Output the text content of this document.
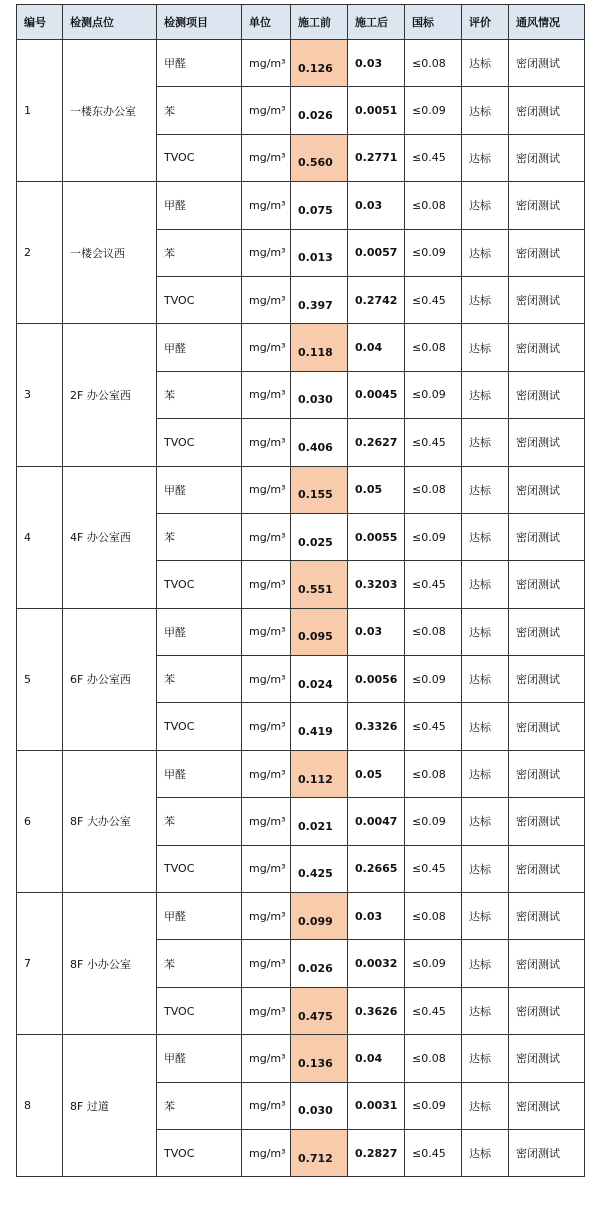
编号	检测点位	检测项目	单位	施工前	施工后	国标	评价	通风情况
1	一楼东办公室	甲醛	mg/m³	0.126	0.03	≤0.08	达标	密闭测试
		苯	mg/m³	0.026	0.0051	≤0.09	达标	密闭测试
		TVOC	mg/m³	0.560	0.2771	≤0.45	达标	密闭测试
2	一楼会议西	甲醛	mg/m³	0.075	0.03	≤0.08	达标	密闭测试
		苯	mg/m³	0.013	0.0057	≤0.09	达标	密闭测试
		TVOC	mg/m³	0.397	0.2742	≤0.45	达标	密闭测试
3	2F 办公室西	甲醛	mg/m³	0.118	0.04	≤0.08	达标	密闭测试
		苯	mg/m³	0.030	0.0045	≤0.09	达标	密闭测试
		TVOC	mg/m³	0.406	0.2627	≤0.45	达标	密闭测试
4	4F 办公室西	甲醛	mg/m³	0.155	0.05	≤0.08	达标	密闭测试
		苯	mg/m³	0.025	0.0055	≤0.09	达标	密闭测试
		TVOC	mg/m³	0.551	0.3203	≤0.45	达标	密闭测试
5	6F 办公室西	甲醛	mg/m³	0.095	0.03	≤0.08	达标	密闭测试
		苯	mg/m³	0.024	0.0056	≤0.09	达标	密闭测试
		TVOC	mg/m³	0.419	0.3326	≤0.45	达标	密闭测试
6	8F 大办公室	甲醛	mg/m³	0.112	0.05	≤0.08	达标	密闭测试
		苯	mg/m³	0.021	0.0047	≤0.09	达标	密闭测试
		TVOC	mg/m³	0.425	0.2665	≤0.45	达标	密闭测试
7	8F 小办公室	甲醛	mg/m³	0.099	0.03	≤0.08	达标	密闭测试
		苯	mg/m³	0.026	0.0032	≤0.09	达标	密闭测试
		TVOC	mg/m³	0.475	0.3626	≤0.45	达标	密闭测试
8	8F 过道	甲醛	mg/m³	0.136	0.04	≤0.08	达标	密闭测试
		苯	mg/m³	0.030	0.0031	≤0.09	达标	密闭测试
		TVOC	mg/m³	0.712	0.2827	≤0.45	达标	密闭测试
